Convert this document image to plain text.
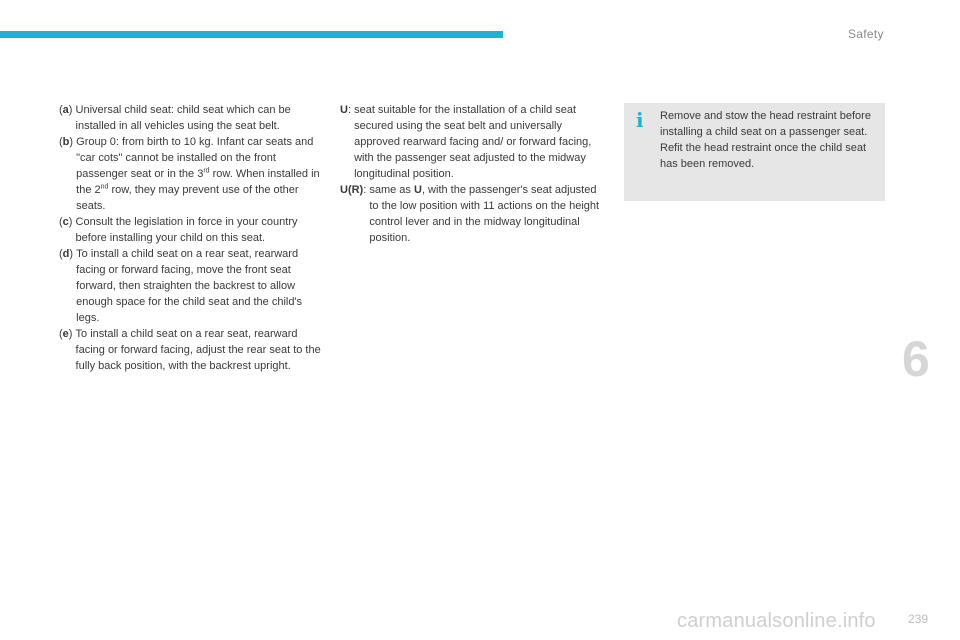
Safety
(a) Universal child seat: child seat which can be installed in all vehicles using the seat belt.
(b) Group 0: from birth to 10 kg. Infant car seats and "car cots" cannot be installed on the front passenger seat or in the 3rd row. When installed in the 2nd row, they may prevent use of the other seats.
(c) Consult the legislation in force in your country before installing your child on this seat.
(d) To install a child seat on a rear seat, rearward facing or forward facing, move the front seat forward, then straighten the backrest to allow enough space for the child seat and the child's legs.
(e) To install a child seat on a rear seat, rearward facing or forward facing, adjust the rear seat to the fully back position, with the backrest upright.
U: seat suitable for the installation of a child seat secured using the seat belt and universally approved rearward facing and/ or forward facing, with the passenger seat adjusted to the midway longitudinal position.
U(R): same as U, with the passenger's seat adjusted to the low position with 11 actions on the height control lever and in the midway longitudinal position.
i Remove and stow the head restraint before installing a child seat on a passenger seat. Refit the head restraint once the child seat has been removed.
6
239
carmanualsonline.info
